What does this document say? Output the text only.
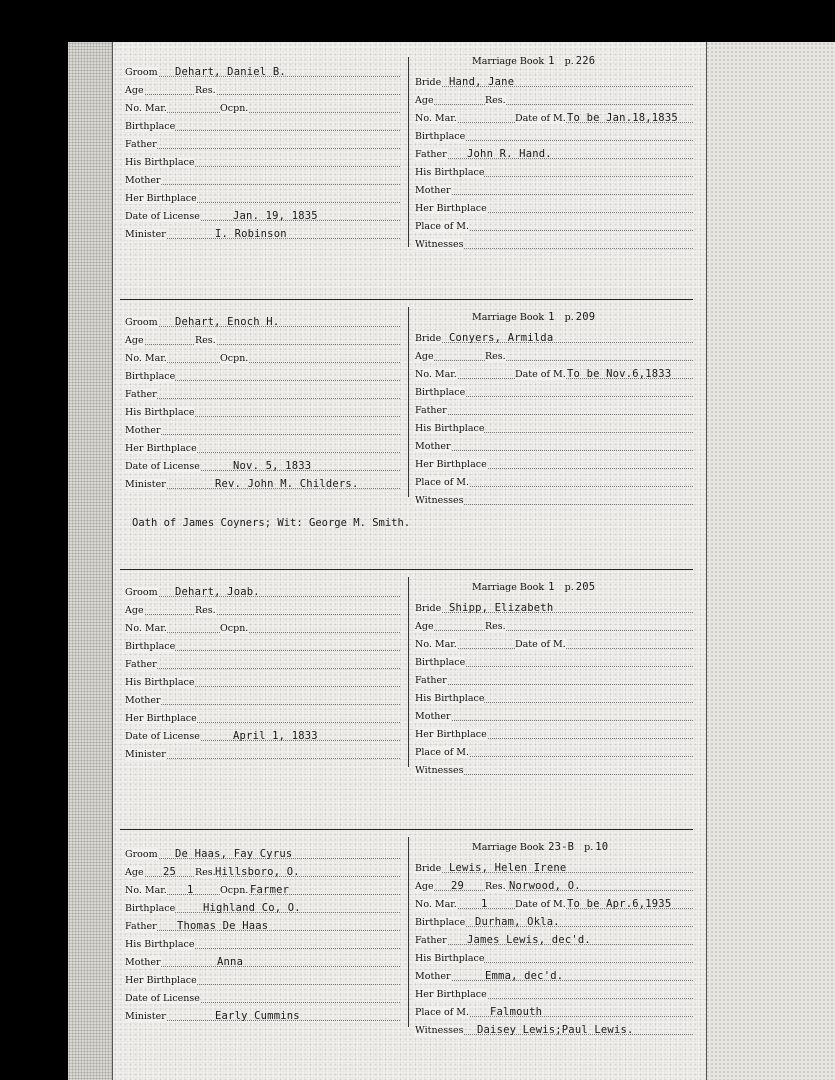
Groom Dehart, Daniel B.
Age	Res.
No. Mar.	Ocpn.
Birthplace
Father
His Birthplace
Mother
Her Birthplace
Date of License	Jan. 19, 1835
Minister	I. Robinson
Marriage Book 1 p. 226
Bride Hand, Jane
Age	Res.
No. Mar.	Date of M. To be Jan.18,1835
Birthplace
Father John R. Hand.
His Birthplace
Mother
Her Birthplace
Place of M.
Witnesses
Groom Dehart, Enoch H.
Age	Res.
No. Mar.	Ocpn.
Birthplace
Father
His Birthplace
Mother
Her Birthplace
Date of License	Nov. 5, 1833
Minister	Rev. John M. Childers.
Marriage Book 1 p. 209
Bride Conyers, Armilda
Age	Res.
No. Mar.	Date of M. To be Nov.6,1833
Birthplace
Father
His Birthplace
Mother
Her Birthplace
Place of M.
Witnesses
Oath of James Coyners; Wit: George M. Smith.
Groom Dehart, Joab.
Age	Res.
No. Mar.	Ocpn.
Birthplace
Father
His Birthplace
Mother
Her Birthplace
Date of License	April 1, 1833
Minister
Marriage Book 1 p. 205
Bride Shipp, Elizabeth
Age	Res.
No. Mar.	Date of M.
Birthplace
Father
His Birthplace
Mother
Her Birthplace
Place of M.
Witnesses
Groom De Haas, Fay Cyrus
Age 25 Res. Hillsboro, O.
No. Mar. 1	Ocpn. Farmer
Birthplace	Highland Co, O.
Father Thomas De Haas
His Birthplace
Mother	Anna
Her Birthplace
Date of License
Minister	Early Cummins
Marriage Book 23-B p. 10
Bride Lewis, Helen Irene
Age 29 Res. Norwood, O.
No. Mar. 1	Date of M. To be Apr.6,1935
Birthplace Durham, Okla.
Father James Lewis, dec'd.
His Birthplace
Mother	Emma, dec'd.
Her Birthplace
Place of M. Falmouth
Witnesses Daisey Lewis;Paul Lewis.
